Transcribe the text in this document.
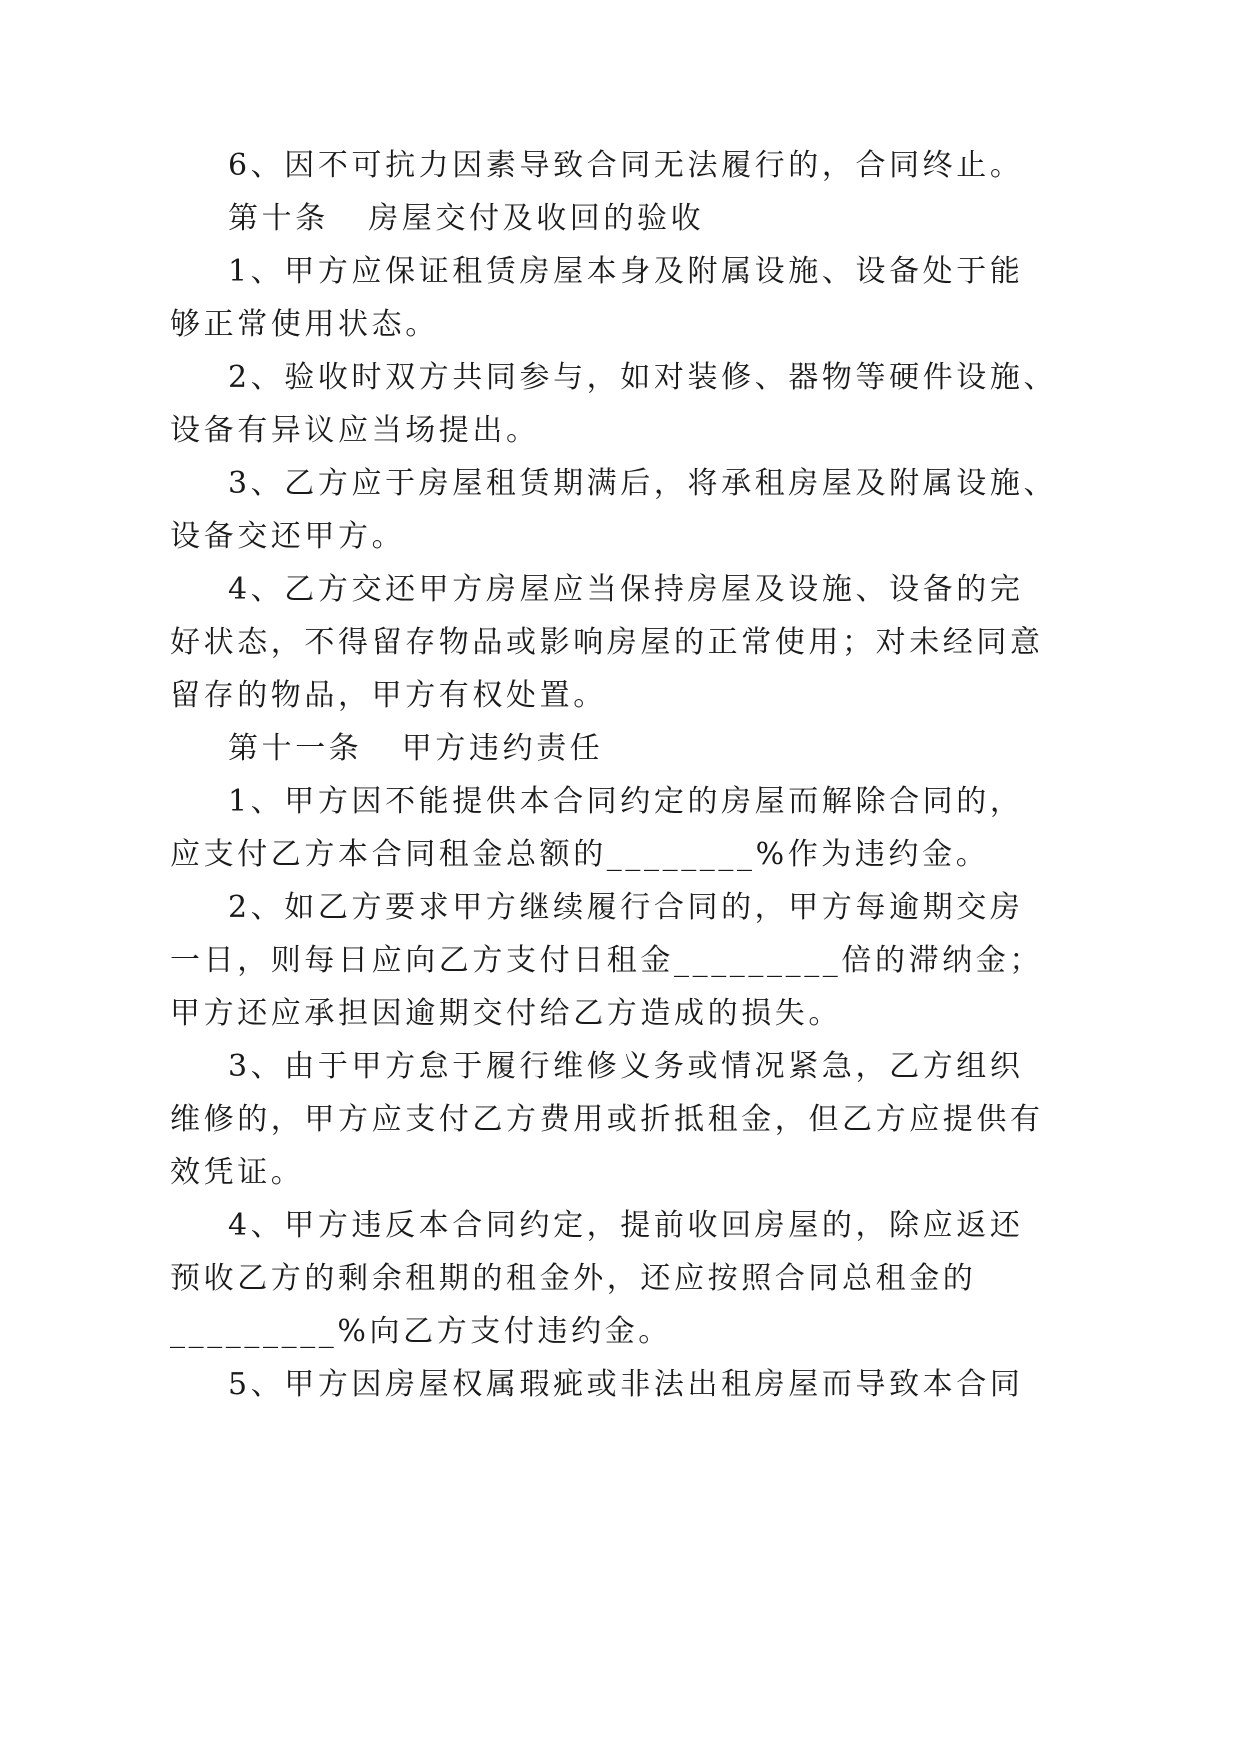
6、因不可抗力因素导致合同无法履行的，合同终止。
第十条   房屋交付及收回的验收
1、甲方应保证租赁房屋本身及附属设施、设备处于能
够正常使用状态。
2、验收时双方共同参与，如对装修、器物等硬件设施、
设备有异议应当场提出。
3、乙方应于房屋租赁期满后，将承租房屋及附属设施、
设备交还甲方。
4、乙方交还甲方房屋应当保持房屋及设施、设备的完
好状态，不得留存物品或影响房屋的正常使用；对未经同意
留存的物品，甲方有权处置。
第十一条   甲方违约责任
1、甲方因不能提供本合同约定的房屋而解除合同的，
应支付乙方本合同租金总额的________%作为违约金。
2、如乙方要求甲方继续履行合同的，甲方每逾期交房
一日，则每日应向乙方支付日租金_________倍的滞纳金；
甲方还应承担因逾期交付给乙方造成的损失。
3、由于甲方怠于履行维修义务或情况紧急，乙方组织
维修的，甲方应支付乙方费用或折抵租金，但乙方应提供有
效凭证。
4、甲方违反本合同约定，提前收回房屋的，除应返还
预收乙方的剩余租期的租金外，还应按照合同总租金的
_________%向乙方支付违约金。
5、甲方因房屋权属瑕疵或非法出租房屋而导致本合同
